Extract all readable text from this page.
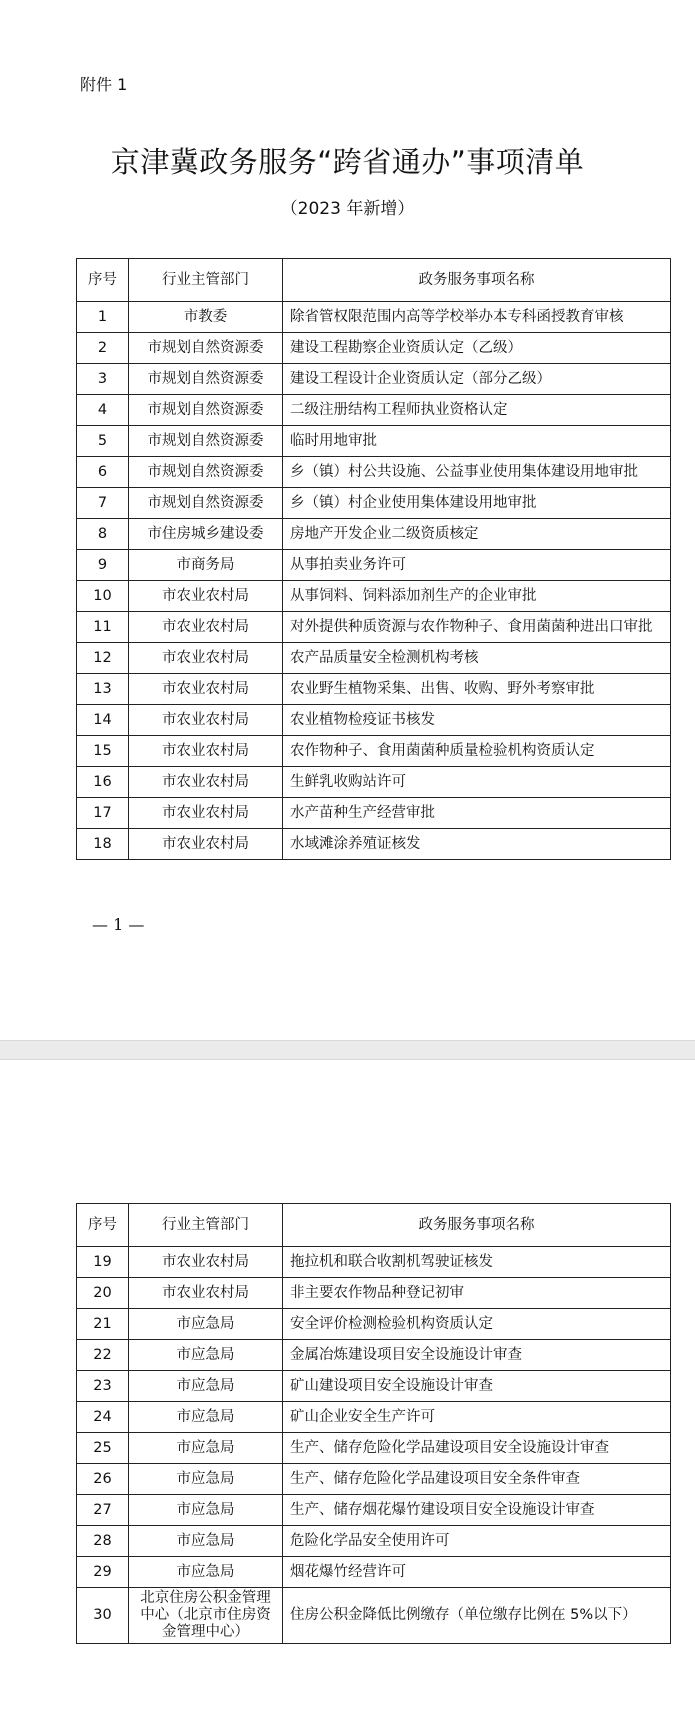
附件 1
京津冀政务服务“跨省通办”事项清单
（2023 年新增）
序号	行业主管部门	政务服务事项名称
1	市教委	除省管权限范围内高等学校举办本专科函授教育审核
2	市规划自然资源委	建设工程勘察企业资质认定（乙级）
3	市规划自然资源委	建设工程设计企业资质认定（部分乙级）
4	市规划自然资源委	二级注册结构工程师执业资格认定
5	市规划自然资源委	临时用地审批
6	市规划自然资源委	乡（镇）村公共设施、公益事业使用集体建设用地审批
7	市规划自然资源委	乡（镇）村企业使用集体建设用地审批
8	市住房城乡建设委	房地产开发企业二级资质核定
9	市商务局	从事拍卖业务许可
10	市农业农村局	从事饲料、饲料添加剂生产的企业审批
11	市农业农村局	对外提供种质资源与农作物种子、食用菌菌种进出口审批
12	市农业农村局	农产品质量安全检测机构考核
13	市农业农村局	农业野生植物采集、出售、收购、野外考察审批
14	市农业农村局	农业植物检疫证书核发
15	市农业农村局	农作物种子、食用菌菌种质量检验机构资质认定
16	市农业农村局	生鲜乳收购站许可
17	市农业农村局	水产苗种生产经营审批
18	市农业农村局	水域滩涂养殖证核发
— 1 —
序号	行业主管部门	政务服务事项名称
19	市农业农村局	拖拉机和联合收割机驾驶证核发
20	市农业农村局	非主要农作物品种登记初审
21	市应急局	安全评价检测检验机构资质认定
22	市应急局	金属冶炼建设项目安全设施设计审查
23	市应急局	矿山建设项目安全设施设计审查
24	市应急局	矿山企业安全生产许可
25	市应急局	生产、储存危险化学品建设项目安全设施设计审查
26	市应急局	生产、储存危险化学品建设项目安全条件审查
27	市应急局	生产、储存烟花爆竹建设项目安全设施设计审查
28	市应急局	危险化学品安全使用许可
29	市应急局	烟花爆竹经营许可
30	北京住房公积金管理中心（北京市住房资金管理中心）	住房公积金降低比例缴存（单位缴存比例在 5%以下）
